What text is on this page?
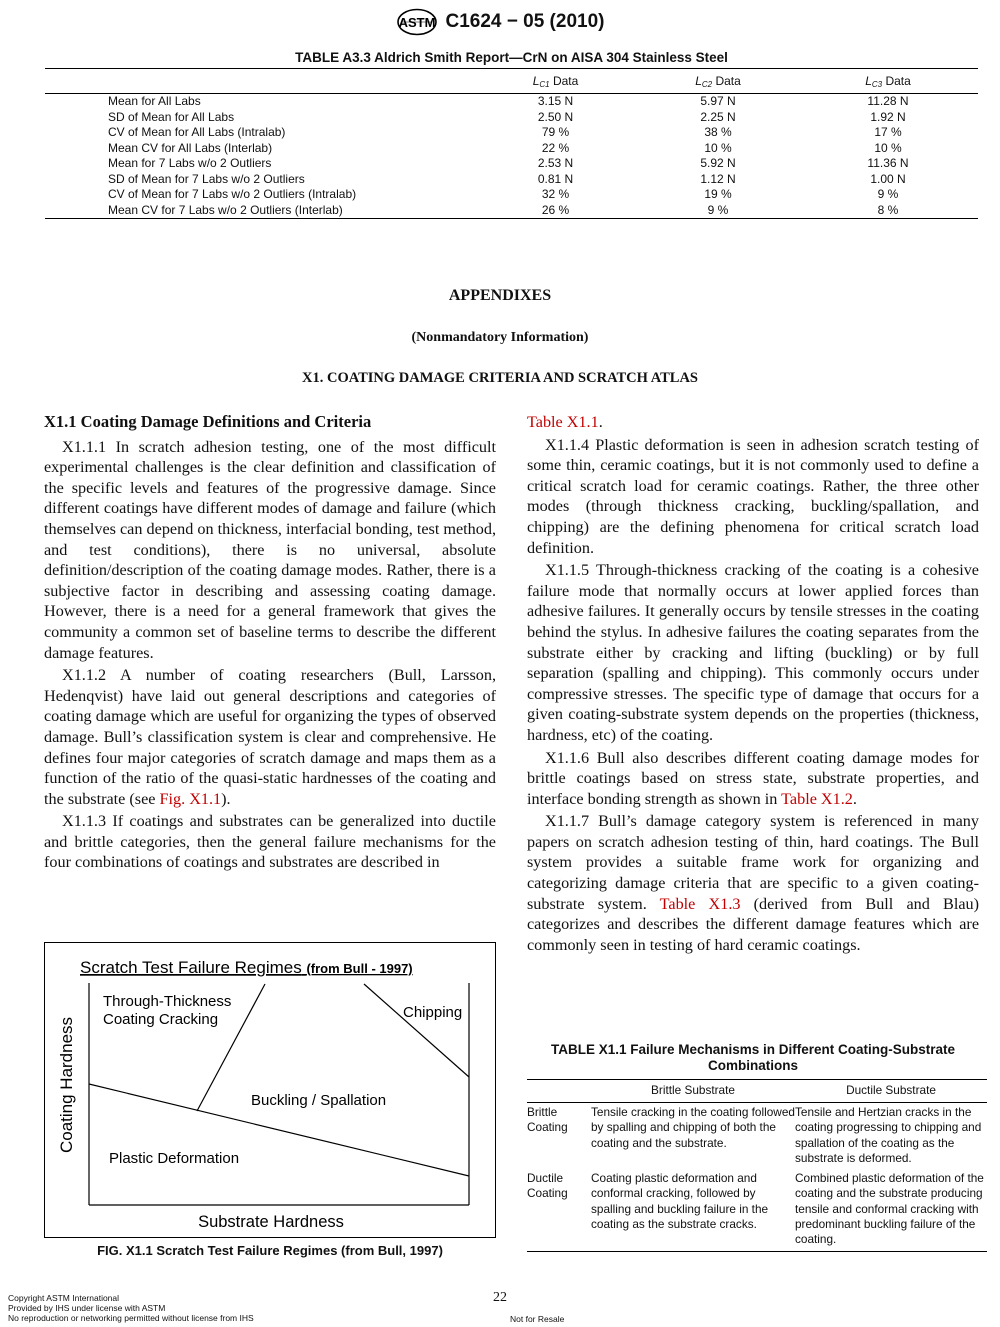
ASTM C1624 − 05 (2010)
TABLE A3.3 Aldrich Smith Report—CrN on AISA 304 Stainless Steel
	$L_{C1}$ Data	$L_{C2}$ Data	$L_{C3}$ Data
Mean for All Labs	3.15 N	5.97 N	11.28 N
SD of Mean for All Labs	2.50 N	2.25 N	1.92 N
CV of Mean for All Labs (Intralab)	79 %	38 %	17 %
Mean CV for All Labs (Interlab)	22 %	10 %	10 %
Mean for 7 Labs w/o 2 Outliers	2.53 N	5.92 N	11.36 N
SD of Mean for 7 Labs w/o 2 Outliers	0.81 N	1.12 N	1.00 N
CV of Mean for 7 Labs w/o 2 Outliers (Intralab)	32 %	19 %	9 %
Mean CV for 7 Labs w/o 2 Outliers (Interlab)	26 %	9 %	8 %
APPENDIXES
(Nonmandatory Information)
X1. COATING DAMAGE CRITERIA AND SCRATCH ATLAS

X1.1 Coating Damage Definitions and Criteria

X1.1.1 In scratch adhesion testing, one of the most difficult experimental challenges is the clear definition and classification of the specific levels and features of the progressive damage. Since different coatings have different modes of damage and failure (which themselves can depend on thickness, interfacial bonding, test method, and test conditions), there is no universal, absolute definition/description of the coating damage modes. Rather, there is a subjective factor in describing and assessing coating damage. However, there is a need for a general framework that gives the community a common set of baseline terms to describe the different damage features.

X1.1.2 A number of coating researchers (Bull, Larsson, Hedenqvist) have laid out general descriptions and categories of coating damage which are useful for organizing the types of observed damage. Bull’s classification system is clear and comprehensive. He defines four major categories of scratch damage and maps them as a function of the ratio of the quasi-static hardnesses of the coating and the substrate (see Fig. X1.1).

X1.1.3 If coatings and substrates can be generalized into ductile and brittle categories, then the general failure mechanisms for the four combinations of coatings and substrates are described in

Table X1.1.

X1.1.4 Plastic deformation is seen in adhesion scratch testing of some thin, ceramic coatings, but it is not commonly used to define a critical scratch load for ceramic coatings. Rather, the three other modes (through thickness cracking, buckling/spallation, and chipping) are the defining phenomena for critical scratch load definition.

X1.1.5 Through-thickness cracking of the coating is a cohesive failure mode that normally occurs at lower applied forces than adhesive failures. It generally occurs by tensile stresses in the coating behind the stylus. In adhesive failures the coating separates from the substrate either by cracking and lifting (buckling) or by full separation (spalling and chipping). This commonly occurs under compressive stresses. The specific type of damage that occurs for a given coating-substrate system depends on the properties (thickness, hardness, etc) of the coating.

X1.1.6 Bull also describes different coating damage modes for brittle coatings based on stress state, substrate properties, and interface bonding strength as shown in Table X1.2.

X1.1.7 Bull’s damage category system is referenced in many papers on scratch adhesion testing of thin, hard coatings. The Bull system provides a suitable frame work for organizing and categorizing damage criteria that are specific to a given coating-substrate system. Table X1.3 (derived from Bull and Blau) categorizes and describes the different damage features which are commonly seen in testing of hard ceramic coatings.

Scratch Test Failure Regimes (from Bull - 1997)
Through-Thickness
Coating Cracking	Chipping
Buckling / Spallation
Plastic Deformation
Coating Hardness
Substrate Hardness
FIG. X1.1 Scratch Test Failure Regimes (from Bull, 1997)
TABLE X1.1 Failure Mechanisms in Different Coating-Substrate
Combinations
	Brittle Substrate	Ductile Substrate

Brittle
Coating	Tensile cracking in the coating followed by spalling and chipping of both the coating and the substrate.	Tensile and Hertzian cracks in the coating progressing to chipping and spallation of the coating as the substrate is deformed.

Ductile
Coating	Coating plastic deformation and conformal cracking, followed by spalling and buckling failure in the coating as the substrate cracks.	Combined plastic deformation of the coating and the substrate producing tensile and conformal cracking with predominant buckling failure of the coating.
22
Copyright ASTM International
Provided by IHS under license with ASTM
No reproduction or networking permitted without license from IHS	Not for Resale
